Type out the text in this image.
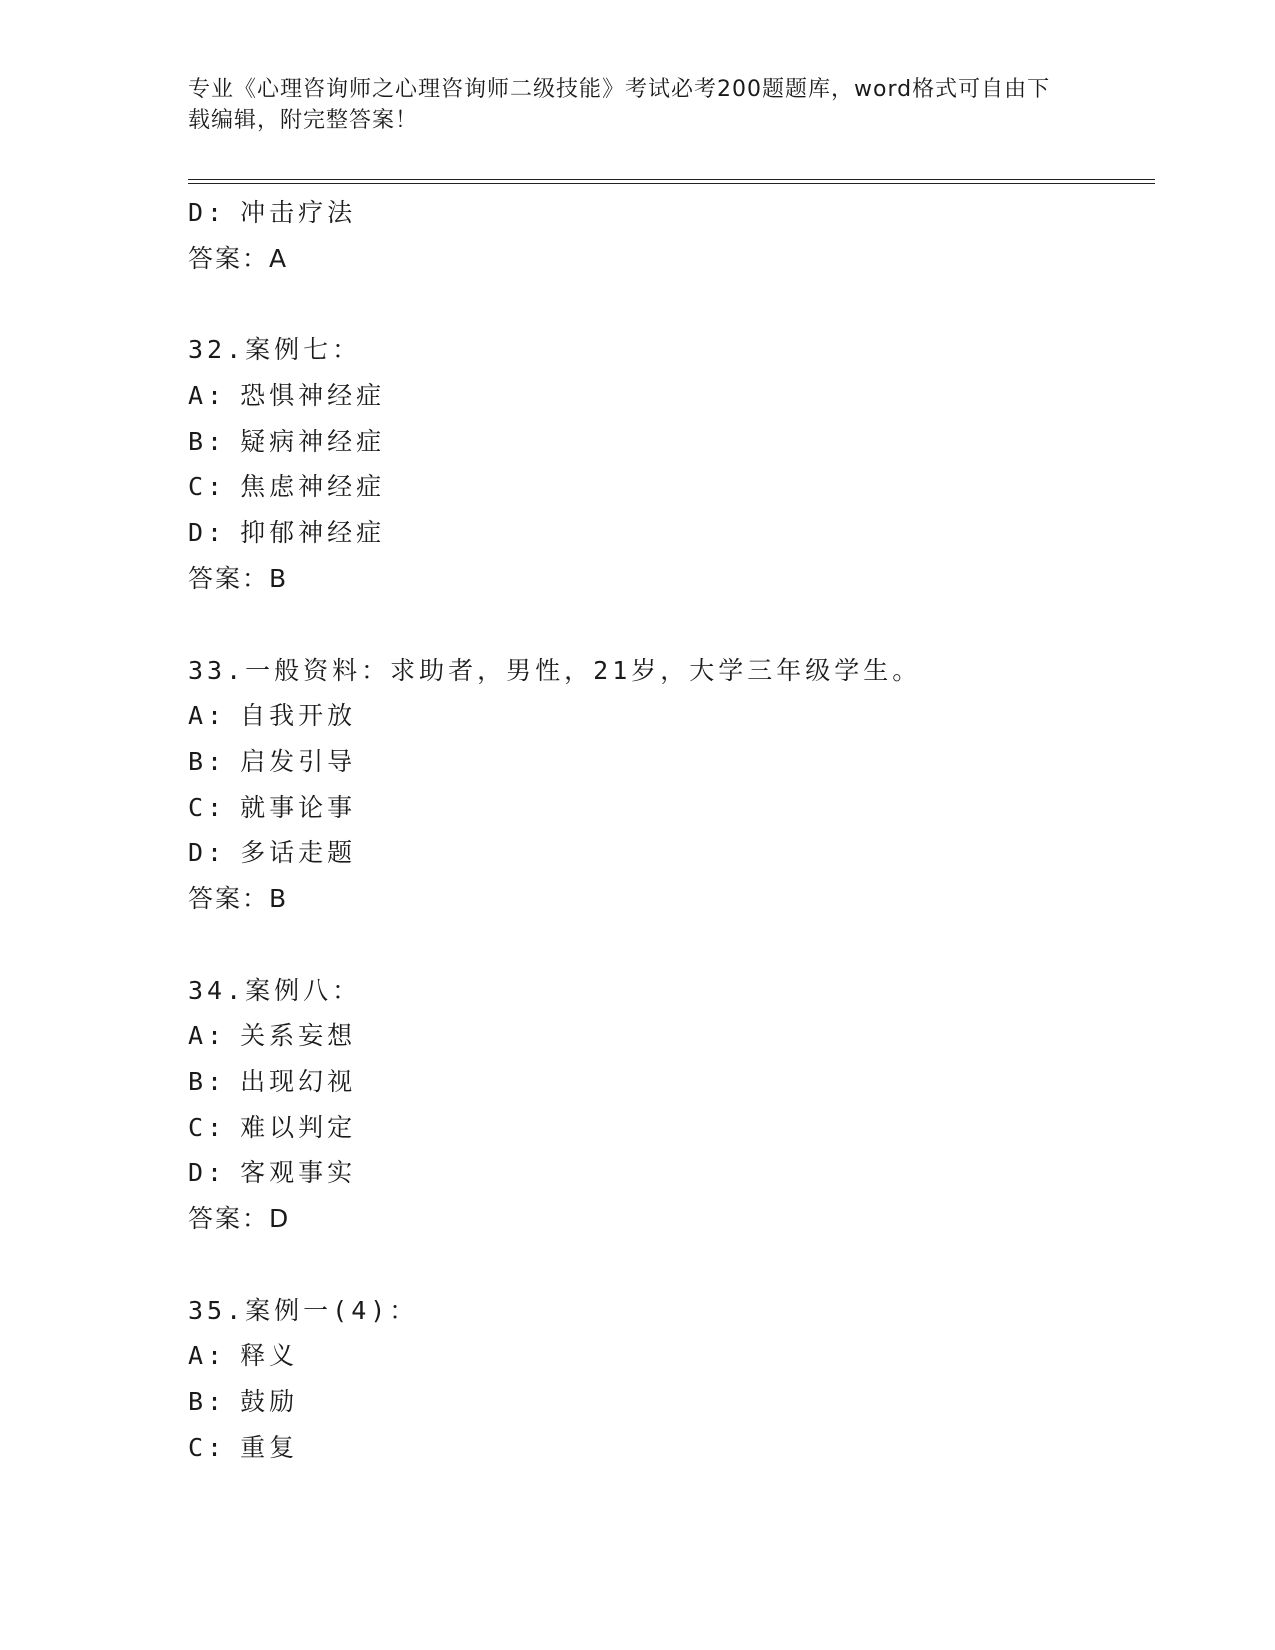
专业《心理咨询师之心理咨询师二级技能》考试必考200题题库，word格式可自由下载编辑，附完整答案！
D: 冲击疗法
答案：A
32.案例七：
A: 恐惧神经症
B: 疑病神经症
C: 焦虑神经症
D: 抑郁神经症
答案：B
33.一般资料：求助者，男性，21岁，大学三年级学生。
A: 自我开放
B: 启发引导
C: 就事论事
D: 多话走题
答案：B
34.案例八：
A: 关系妄想
B: 出现幻视
C: 难以判定
D: 客观事实
答案：D
35.案例一(4)：
A: 释义
B: 鼓励
C: 重复
